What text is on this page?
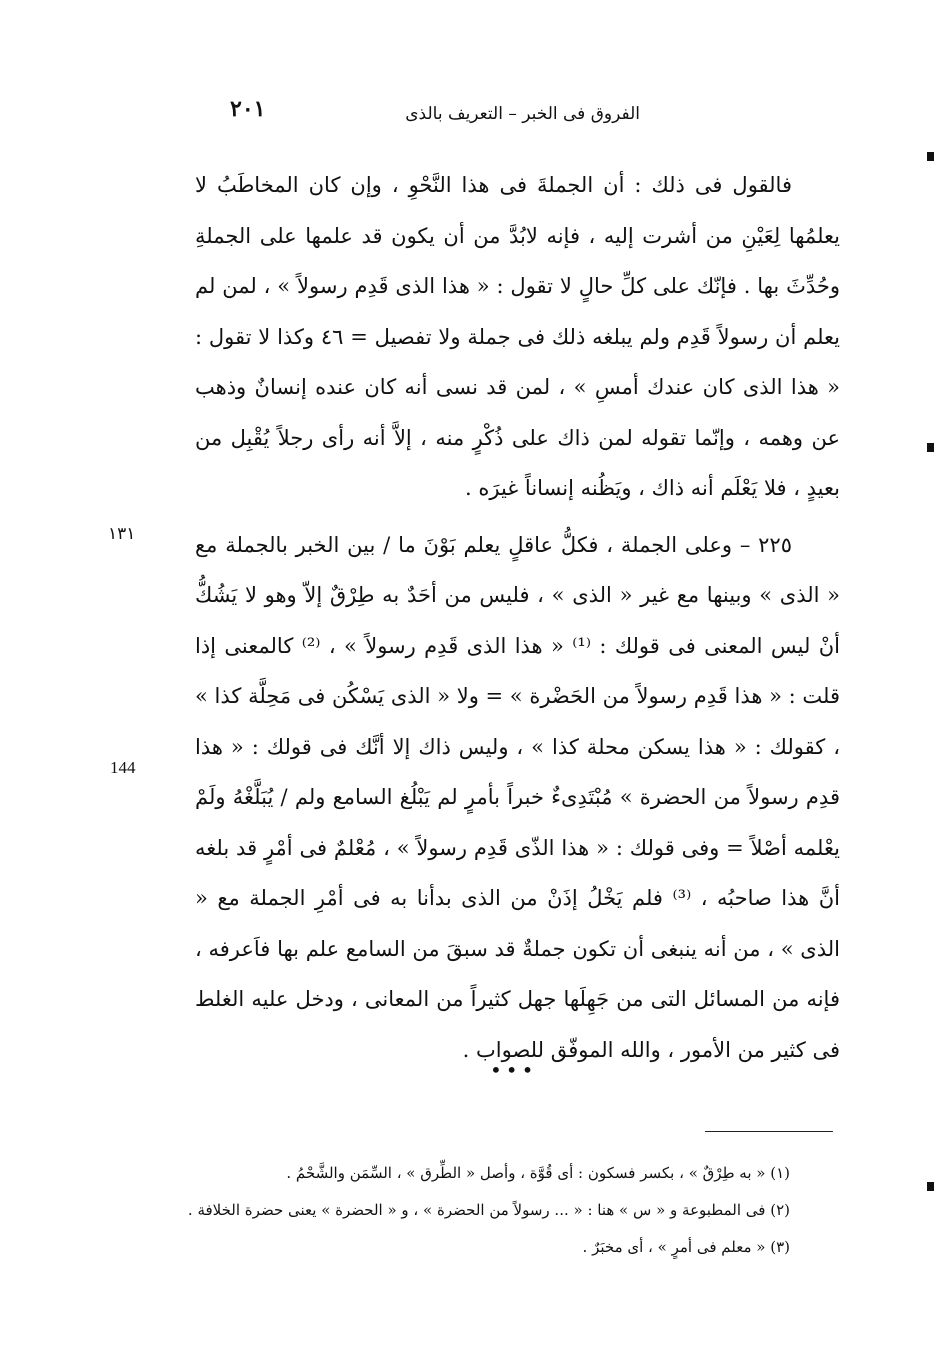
الفروق فى الخبر – التعريف بالذى
٢٠١

فالقول فى ذلك : أن الجملةَ فى هذا النَّحْوِ ، وإن كان المخاطَبُ لا يعلمُها لِعَيْنِ من أشرت إليه ، فإنه لابُدَّ من أن يكون قد علمها على الجملةِ وحُدِّثَ بها . فإنّك على كلِّ حالٍ لا تقول : « هذا الذى قَدِم رسولاً » ، لمن لم يعلم أن رسولاً قَدِم ولم يبلغه ذلك فى جملة ولا تفصيل = ٤٦ وكذا لا تقول : « هذا الذى كان عندك أمسِ » ، لمن قد نسى أنه كان عنده إنسانٌ وذهب عن وهمه ، وإنّما تقوله لمن ذاك على ذُكْرٍ منه ، إلاَّ أنه رأى رجلاً يُقْبِل من بعيدٍ ، فلا يَعْلَم أنه ذاك ، ويَظُنه إنساناً غيرَه .

٢٢٥ – وعلى الجملة ، فكلُّ عاقلٍ يعلم بَوْنَ ما / بين الخبر بالجملة مع « الذى » وبينها مع غير « الذى » ، فليس من أحَدٌ به طِرْقٌ إلاّ وهو لا يَشُكُّ أنْ ليس المعنى فى قولك : ⁽¹⁾ « هذا الذى قَدِم رسولاً » ، ⁽²⁾ كالمعنى إذا قلت : « هذا قَدِم رسولاً من الحَضْرة » = ولا « الذى يَسْكُن فى مَحِلَّة كذا » ، كقولك : « هذا يسكن محلة كذا » ، وليس ذاك إلا أنَّك فى قولك : « هذا قدِم رسولاً من الحضرة » مُبْتَدِىءٌ خبراً بأمرٍ لم يَبْلُغ السامع ولم / يُبَلَّغْهُ ولَمْ يعْلمه أصْلاً = وفى قولك : « هذا الذّى قَدِم رسولاً » ، مُعْلمٌ فى أمْرٍ قد بلغه أنَّ هذا صاحبُه ، ⁽³⁾ فلم يَخْلُ إذَنْ من الذى بدأنا به فى أمْرِ الجملة مع « الذى » ، من أنه ينبغى أن تكون جملةٌ قد سبقَ من السامع علم بها فاَعرفه ، فإنه من المسائل التى من جَهِلَها جهل كثيراً من المعانى ، ودخل عليه الغلط فى كثير من الأمور ، والله الموفّق للصواب .

١٣١
144
•••
(١) « به طِرْقٌ » ، بكسر فسكون : أى قُوَّة ، وأصل « الطِّرق » ، السِّمَن والشَّحْمُ .
(٢) فى المطبوعة و « س » هنا : « ... رسولاً من الحضرة » ، و « الحضرة » يعنى حضرة الخلافة .
(٣) « معلم فى أمرٍ » ، أى مخبَرٌ .
